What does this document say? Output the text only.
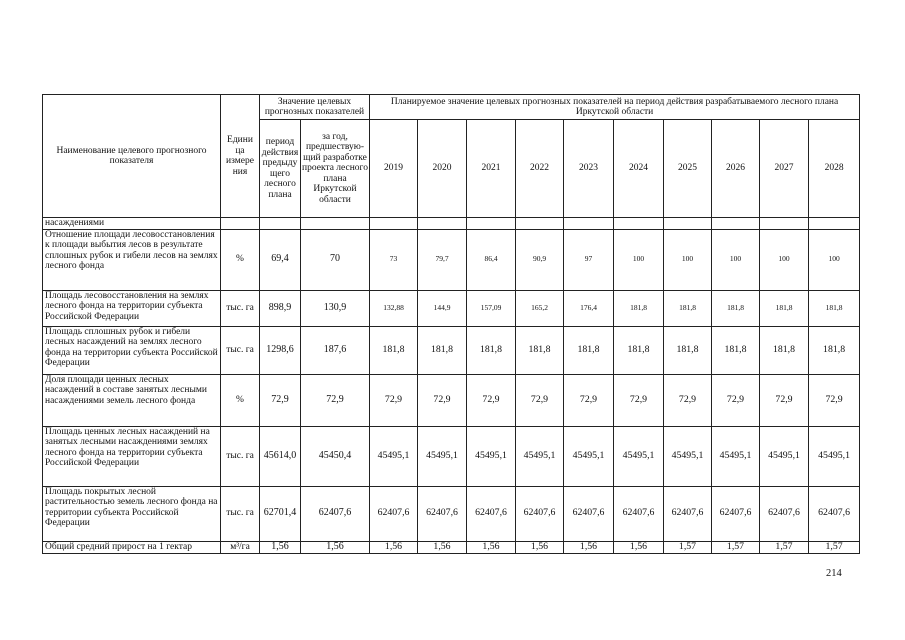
Наименование целевого прогнозного показателя	Едини ца измере ния	Значение целевых прогнозных показателей		Планируемое значение целевых прогнозных показателей на период действия разрабатываемого лесного плана Иркутской области									
		период действия предыду щего лесного плана	за год, предшествую-щий разработке проекта лесного плана Иркутской области	2019	2020	2021	2022	2023	2024	2025	2026	2027	2028
насаждениями													
Отношение площади лесовосстановления к площади выбытия лесов в результате сплошных рубок и гибели лесов на землях лесного фонда	%	69,4	70	73	79,7	86,4	90,9	97	100	100	100	100	100
Площадь лесовосстановления на землях лесного фонда на территории субъекта Российской Федерации	тыс. га	898,9	130,9	132,88	144,9	157,09	165,2	176,4	181,8	181,8	181,8	181,8	181,8
Площадь сплошных рубок и гибели лесных насаждений на землях лесного фонда на территории субъекта Российской Федерации	тыс. га	1298,6	187,6	181,8	181,8	181,8	181,8	181,8	181,8	181,8	181,8	181,8	181,8
Доля площади ценных лесных насаждений в составе занятых лесными насаждениями земель лесного фонда	%	72,9	72,9	72,9	72,9	72,9	72,9	72,9	72,9	72,9	72,9	72,9	72,9
Площадь ценных лесных насаждений на занятых лесными насаждениями землях лесного фонда на территории субъекта Российской Федерации	тыс. га	45614,0	45450,4	45495,1	45495,1	45495,1	45495,1	45495,1	45495,1	45495,1	45495,1	45495,1	45495,1
Площадь покрытых лесной растительностью земель лесного фонда на территории субъекта Российской Федерации	тыс. га	62701,4	62407,6	62407,6	62407,6	62407,6	62407,6	62407,6	62407,6	62407,6	62407,6	62407,6	62407,6
Общий средний прирост на 1 гектар	м³/га	1,56	1,56	1,56	1,56	1,56	1,56	1,56	1,56	1,57	1,57	1,57	1,57
214
